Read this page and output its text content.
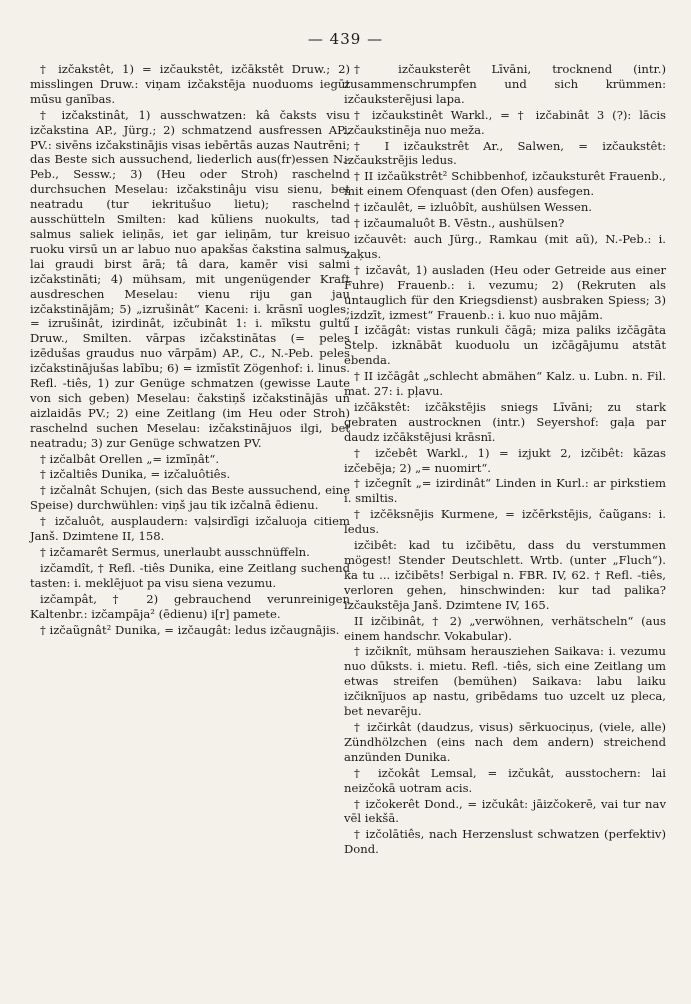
— 439 —

† izčakstêt, 1) = izčaukstêt, izčākstêt Druw.; 2) misslingen Druw.: viņam izčakstēja nuoduoms iegūt mūsu ganības.

† izčakstinât, 1) ausschwatzen: kâ čaksts visu izčakstina AP., Jürg.; 2) schmatzend ausfressen AP., PV.: sivēns izčakstinājis visas iebērtās auzas Nautrēni; das Beste sich aussuchend, liederlich aus(fr)essen N.-Peb., Sessw.; 3) (Heu oder Stroh) raschelnd durchsuchen Meselau: izčakstinâju visu sienu, bet neatradu (tur iekritušuo lietu); raschelnd ausschütteln Smilten: kad kūliens nuokults, tad salmus saliek ieliņās, iet gar ieliņām, tur kreisuo ruoku virsū un ar labuo nuo apakšas čakstina salmus, lai graudi birst ārā; tâ dara, kamēr visi salmi izčakstināti; 4) mühsam, mit ungenügender Kraft ausdreschen Meselau: vienu riju gan jau izčakstinājām; 5) „izrušinât“ Kaceni: i. krāsnī uogles; = izrušinât, izirdinât, izčubinât 1: i. mīkstu gultu Druw., Smilten. vārpas izčakstinātas (= peles izēdušas graudus nuo vārpām) AP., C., N.-Peb. peles izčakstinājušas labību; 6) = izmīstīt Zögenhof: i. linus. Refl. -tiês, 1) zur Genüge schmatzen (gewisse Laute von sich geben) Meselau: čakstiņš izčakstinājās un aizlaidās PV.; 2) eine Zeitlang (im Heu oder Stroh) raschelnd suchen Meselau: izčakstinājuos ilgi, bet neatradu; 3) zur Genüge schwatzen PV.

† izčalbât Orellen „= izmīņât“.

† izčaltiês Dunika, = izčaluôtiês.

† izčalnât Schujen, (sich das Beste aussuchend, eine Speise) durchwühlen: viņš jau tik izčalnā ēdienu.

† izčaluôt, ausplaudern: vaļsirdīgi izčaluoja citiem Janš. Dzimtene II, 158.

† izčamarêt Sermus, unerlaubt ausschnüffeln.

izčamdît, † Refl. -tiês Dunika, eine Zeitlang suchend tasten: i. meklējuot pa visu siena vezumu.

izčampât, † 2) gebrauchend verunreinigen Kaltenbr.: izčampāja² (ēdienu) i[r] pamete.

† izčaũgnât² Dunika, = izčaugât: ledus izčaugnājis.

† izčauksterêt Līvāni, trocknend (intr.) zusammenschrumpfen und sich krümmen: izčauksterējusi lapa.

† izčaukstinêt Warkl., = † izčabinât 3 (?): lācis izčaukstinēja nuo meža.

† I izčaukstrêt Ar., Salwen, = izčaukstêt: izčaukstrējis ledus.

† II izčaũkstrêt² Schibbenhof, izčauksturêt Frauenb., mit einem Ofenquast (den Ofen) ausfegen.

† izčaulêt, = izluôbît, aushülsen Wessen.

† izčaumaluôt B. Vēstn., aushülsen?

izčauvêt: auch Jürg., Ramkau (mit aũ), N.-Peb.: i. zaķus.

† izčavât, 1) ausladen (Heu oder Getreide aus einer Fuhre) Frauenb.: i. vezumu; 2) (Rekruten als untauglich für den Kriegsdienst) ausbraken Spiess; 3) „izdzīt, izmest“ Frauenb.: i. kuo nuo mājām.

I izčāgât: vistas runkuli čāgā; miza paliks izčāgāta Stelp. izknābāt kuoduolu un izčāgājumu atstāt ebenda.

† II izčāgât „schlecht abmähen“ Kalz. u. Lubn. n. Fil. mat. 27: i. pļavu.

izčākstêt: izčākstējis sniegs Līvāni; zu stark gebraten austrocknen (intr.) Seyershof: gaļa par daudz izčākstējusi krāsnī.

† izčebêt Warkl., 1) = izjukt 2, izčibêt: kāzas izčebēja; 2) „= nuomirt“.

† izčegnît „= izirdinât“ Linden in Kurl.: ar pirkstiem i. smiltis.

† izčēksnējis Kurmene, = izčērkstējis, čaũgans: i. ledus.

izčibêt: kad tu izčibētu, dass du verstummen mögest! Stender Deutschlett. Wrtb. (unter „Fluch“). ka tu ... izčibēts! Serbigal n. FBR. IV, 62. † Refl. -tiês, verloren gehen, hinschwinden: kur tad palika? izčaukstēja Janš. Dzimtene IV, 165.

II izčibinât, † 2) „verwöhnen, verhätscheln“ (aus einem handschr. Vokabular).

† izčiknît, mühsam herausziehen Saikava: i. vezumu nuo dūksts. i. mietu. Refl. -tiês, sich eine Zeitlang um etwas streifen (bemühen) Saikava: labu laiku izčiknījuos ap nastu, gribēdams tuo uzcelt uz pleca, bet nevarēju.

† izčirkât (daudzus, visus) sērkuociņus, (viele, alle) Zündhölzchen (eins nach dem andern) streichend anzünden Dunika.

† izčokât Lemsal, = izčukât, ausstochern: lai neizčokā uotram acis.

† izčokerêt Dond., = izčukât: jāizčokerē, vai tur nav vēl iekšā.

† izčolātiês, nach Herzenslust schwatzen (perfektiv) Dond.
